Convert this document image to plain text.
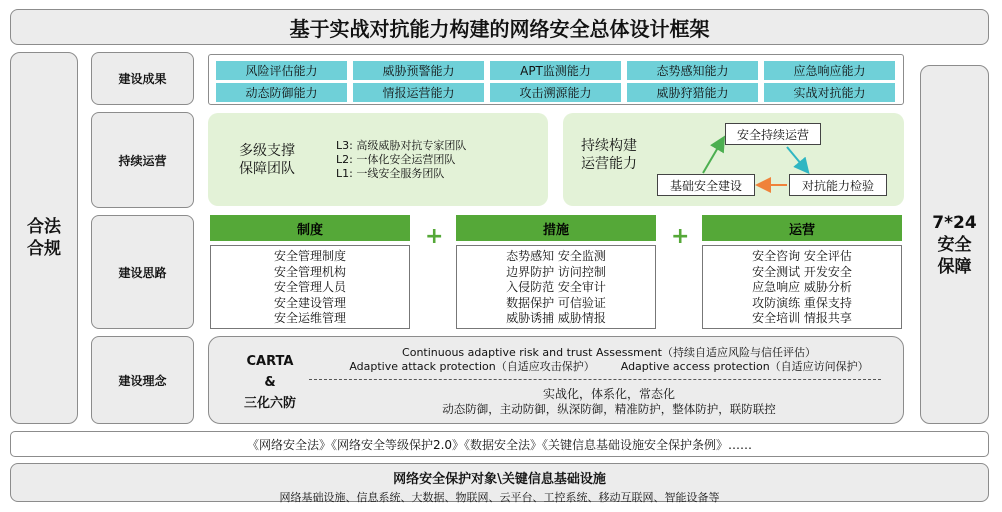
基于实战对抗能力构建的网络安全总体设计框架
合法
合规
7*24
安全
保障
建设成果
持续运营
建设思路
建设理念
风险评估能力	威胁预警能力	APT监测能力	态势感知能力	应急响应能力
动态防御能力	情报运营能力	攻击溯源能力	威胁狩猎能力	实战对抗能力
多级支撑
保障团队
L3: 高级威胁对抗专家团队
L2: 一体化安全运营团队
L1: 一线安全服务团队
持续构建
运营能力
安全持续运营
基础安全建设	对抗能力检验
制度
安全管理制度
安全管理机构
安全管理人员
安全建设管理
安全运维管理
+	措施
态势感知 安全监测
边界防护 访问控制
入侵防范 安全审计
数据保护 可信验证
威胁诱捕 威胁情报
+	运营
安全咨询 安全评估
安全测试 开发安全
应急响应 威胁分析
攻防演练 重保支持
安全培训 情报共享
CARTA
&
三化六防
Continuous adaptive risk and trust Assessment（持续自适应风险与信任评估）
Adaptive attack protection（自适应攻击保护） Adaptive access protection（自适应访问保护）
实战化，体系化，常态化
动态防御，主动防御，纵深防御，精准防护，整体防护，联防联控
《网络安全法》《网络安全等级保护2.0》《数据安全法》《关键信息基础设施安全保护条例》……
网络安全保护对象\关键信息基础设施
网络基础设施、信息系统、大数据、物联网、云平台、工控系统、移动互联网、智能设备等
